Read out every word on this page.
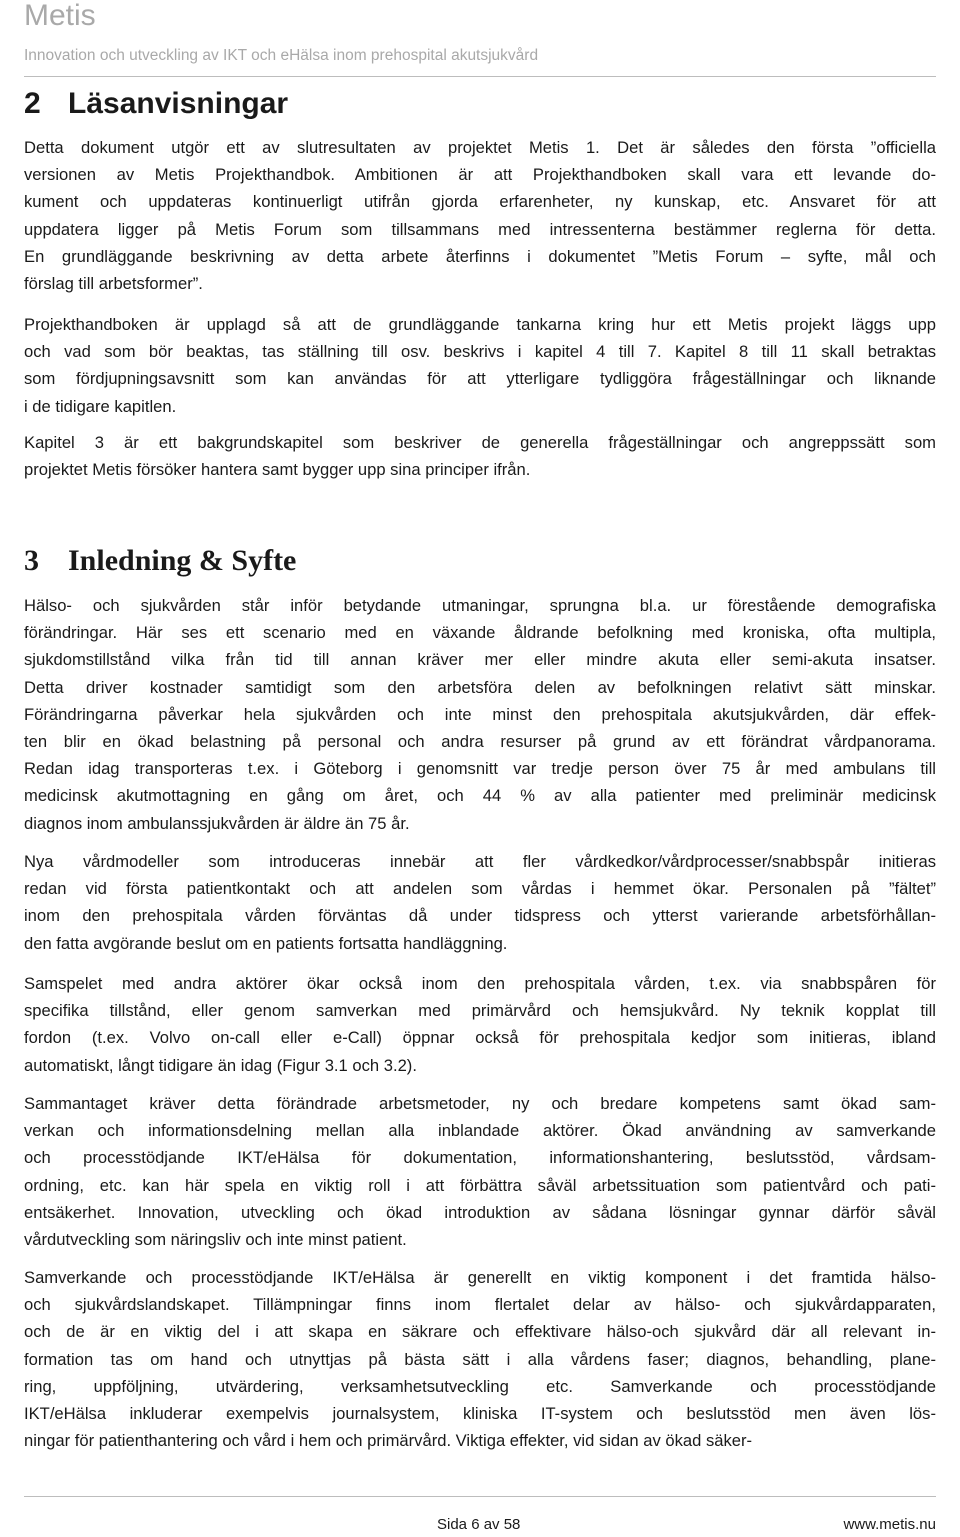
Metis
Innovation och utveckling av IKT och eHälsa inom prehospital akutsjukvård
2 Läsanvisningar
Detta dokument utgör ett av slutresultaten av projektet Metis 1. Det är således den första ”officiella
versionen av Metis Projekthandbok. Ambitionen är att Projekthandboken skall vara ett levande do-
kument och uppdateras kontinuerligt utifrån gjorda erfarenheter, ny kunskap, etc. Ansvaret för att
uppdatera ligger på Metis Forum som tillsammans med intressenterna bestämmer reglerna för detta.
En grundläggande beskrivning av detta arbete återfinns i dokumentet ”Metis Forum – syfte, mål och
förslag till arbetsformer”.
Projekthandboken är upplagd så att de grundläggande tankarna kring hur ett Metis projekt läggs upp
och vad som bör beaktas, tas ställning till osv. beskrivs i kapitel 4 till 7. Kapitel 8 till 11 skall betraktas
som fördjupningsavsnitt som kan användas för att ytterligare tydliggöra frågeställningar och liknande
i de tidigare kapitlen.
Kapitel 3 är ett bakgrundskapitel som beskriver de generella frågeställningar och angreppssätt som
projektet Metis försöker hantera samt bygger upp sina principer ifrån.
3 Inledning & Syfte
Hälso- och sjukvården står inför betydande utmaningar, sprungna bl.a. ur förestående demografiska
förändringar. Här ses ett scenario med en växande åldrande befolkning med kroniska, ofta multipla,
sjukdomstillstånd vilka från tid till annan kräver mer eller mindre akuta eller semi-akuta insatser.
Detta driver kostnader samtidigt som den arbetsföra delen av befolkningen relativt sätt minskar.
Förändringarna påverkar hela sjukvården och inte minst den prehospitala akutsjukvården, där effek-
ten blir en ökad belastning på personal och andra resurser på grund av ett förändrat vårdpanorama.
Redan idag transporteras t.ex. i Göteborg i genomsnitt var tredje person över 75 år med ambulans till
medicinsk akutmottagning en gång om året, och 44 % av alla patienter med preliminär medicinsk
diagnos inom ambulanssjukvården är äldre än 75 år.
Nya vårdmodeller som introduceras innebär att fler vårdkedkor/vårdprocesser/snabbspår initieras
redan vid första patientkontakt och att andelen som vårdas i hemmet ökar. Personalen på ”fältet”
inom den prehospitala vården förväntas då under tidspress och ytterst varierande arbetsförhållan-
den fatta avgörande beslut om en patients fortsatta handläggning.
Samspelet med andra aktörer ökar också inom den prehospitala vården, t.ex. via snabbspåren för
specifika tillstånd, eller genom samverkan med primärvård och hemsjukvård. Ny teknik kopplat till
fordon (t.ex. Volvo on-call eller e-Call) öppnar också för prehospitala kedjor som initieras, ibland
automatiskt, långt tidigare än idag (Figur 3.1 och 3.2).
Sammantaget kräver detta förändrade arbetsmetoder, ny och bredare kompetens samt ökad sam-
verkan och informationsdelning mellan alla inblandade aktörer. Ökad användning av samverkande
och processtödjande IKT/eHälsa för dokumentation, informationshantering, beslutsstöd, vårdsam-
ordning, etc. kan här spela en viktig roll i att förbättra såväl arbetssituation som patientvård och pati-
entsäkerhet. Innovation, utveckling och ökad introduktion av sådana lösningar gynnar därför såväl
vårdutveckling som näringsliv och inte minst patient.
Samverkande och processtödjande IKT/eHälsa är generellt en viktig komponent i det framtida hälso-
och sjukvårdslandskapet. Tillämpningar finns inom flertalet delar av hälso- och sjukvårdapparaten,
och de är en viktig del i att skapa en säkrare och effektivare hälso-och sjukvård där all relevant in-
formation tas om hand och utnyttjas på bästa sätt i alla vårdens faser; diagnos, behandling, planе-
ring, uppföljning, utvärdering, verksamhetsutveckling etc. Samverkande och processtödjande
IKT/eHälsa inkluderar exempelvis journalsystem, kliniska IT-system och beslutsstöd men även lös-
ningar för patienthantering och vård i hem och primärvård. Viktiga effekter, vid sidan av ökad säker-
Sida 6 av 58	www.metis.nu
